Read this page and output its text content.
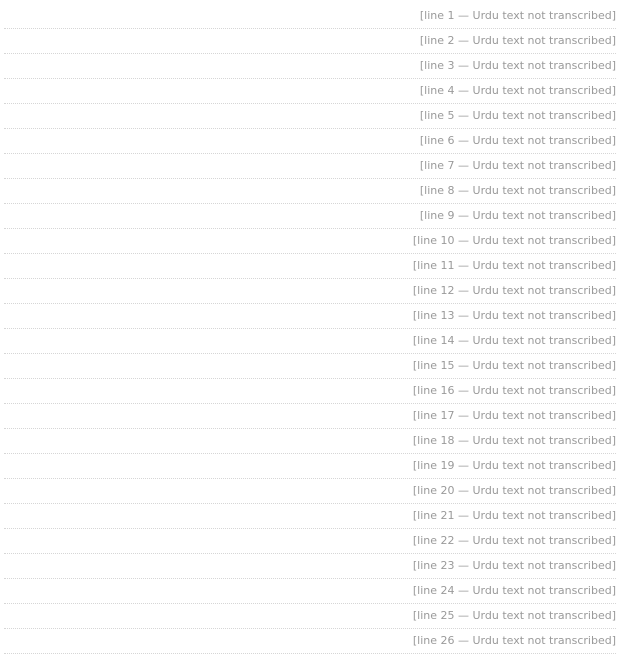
[line 1 — Urdu text not transcribed]
[line 2 — Urdu text not transcribed]
[line 3 — Urdu text not transcribed]
[line 4 — Urdu text not transcribed]
[line 5 — Urdu text not transcribed]
[line 6 — Urdu text not transcribed]
[line 7 — Urdu text not transcribed]
[line 8 — Urdu text not transcribed]
[line 9 — Urdu text not transcribed]
[line 10 — Urdu text not transcribed]
[line 11 — Urdu text not transcribed]
[line 12 — Urdu text not transcribed]
[line 13 — Urdu text not transcribed]
[line 14 — Urdu text not transcribed]
[line 15 — Urdu text not transcribed]
[line 16 — Urdu text not transcribed]
[line 17 — Urdu text not transcribed]
[line 18 — Urdu text not transcribed]
[line 19 — Urdu text not transcribed]
[line 20 — Urdu text not transcribed]
[line 21 — Urdu text not transcribed]
[line 22 — Urdu text not transcribed]
[line 23 — Urdu text not transcribed]
[line 24 — Urdu text not transcribed]
[line 25 — Urdu text not transcribed]
[line 26 — Urdu text not transcribed]
